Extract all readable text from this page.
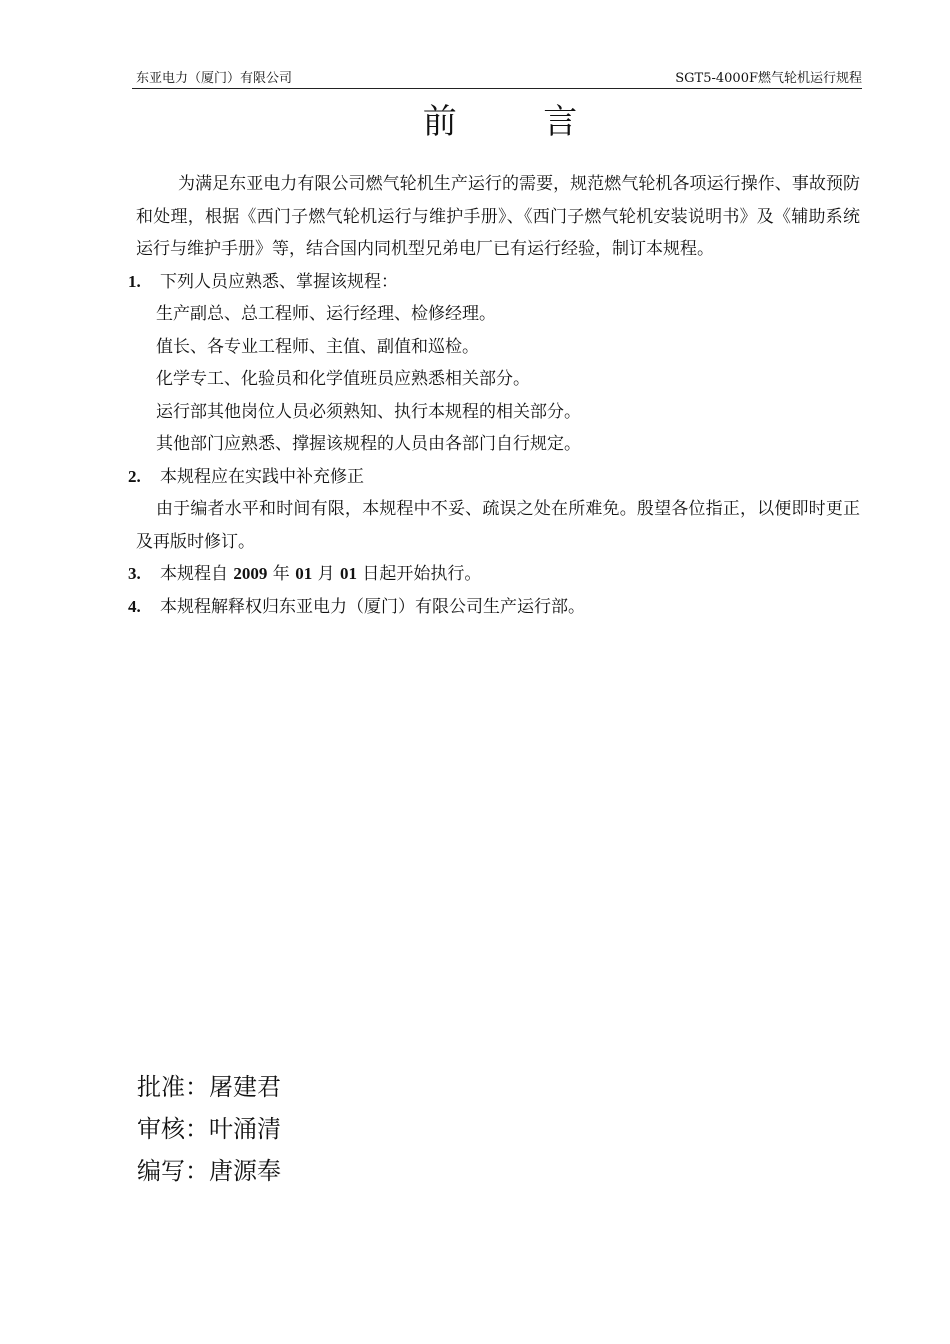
东亚电力（厦门）有限公司	SGT5-4000F燃气轮机运行规程
前        言

为满足东亚电力有限公司燃气轮机生产运行的需要，规范燃气轮机各项运行操作、事故预防和处理，根据《西门子燃气轮机运行与维护手册》、《西门子燃气轮机安装说明书》及《辅助系统运行与维护手册》等，结合国内同机型兄弟电厂已有运行经验，制订本规程。

1.	下列人员应熟悉、掌握该规程：

生产副总、总工程师、运行经理、检修经理。

值长、各专业工程师、主值、副值和巡检。

化学专工、化验员和化学值班员应熟悉相关部分。

运行部其他岗位人员必须熟知、执行本规程的相关部分。

其他部门应熟悉、撑握该规程的人员由各部门自行规定。

2.	本规程应在实践中补充修正

由于编者水平和时间有限，本规程中不妥、疏误之处在所难免。殷望各位指正，以便即时更正及再版时修订。

3.	本规程自 2009 年 01 月 01 日起开始执行。
4.	本规程解释权归东亚电力（厦门）有限公司生产运行部。
批准：屠建君
审核：叶涌清
编写：唐源奉
